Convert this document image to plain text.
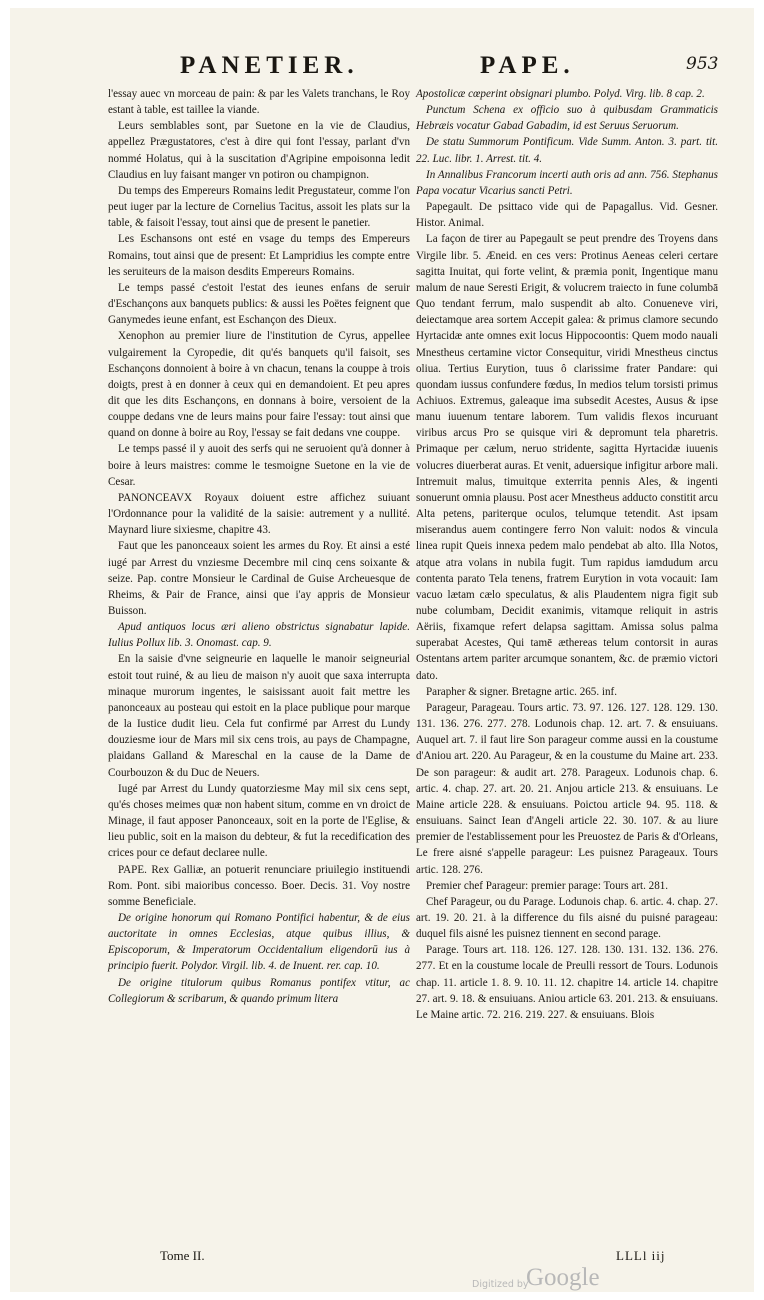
PANETIER.	PAPE.	953

l'essay auec vn morceau de pain: & par les Valets tranchans, le Roy estant à table, est taillee la viande.

Leurs semblables sont, par Suetone en la vie de Claudius, appellez Prægustatores, c'est à dire qui font l'essay, parlant d'vn nommé Holatus, qui à la suscitation d'Agripine empoisonna ledit Claudius en luy faisant manger vn potiron ou champignon.

Du temps des Empereurs Romains ledit Pregustateur, comme l'on peut iuger par la lecture de Cornelius Tacitus, assoit les plats sur la table, & faisoit l'essay, tout ainsi que de present le panetier.

Les Eschansons ont esté en vsage du temps des Empereurs Romains, tout ainsi que de present: Et Lampridius les compte entre les seruiteurs de la maison desdits Empereurs Romains.

Le temps passé c'estoit l'estat des ieunes enfans de seruir d'Eschançons aux banquets publics: & aussi les Poëtes feignent que Ganymedes ieune enfant, est Eschançon des Dieux.

Xenophon au premier liure de l'institution de Cyrus, appellee vulgairement la Cyropedie, dit qu'és banquets qu'il faisoit, ses Eschançons donnoient à boire à vn chacun, tenans la couppe à trois doigts, prest à en donner à ceux qui en demandoient. Et peu apres dit que les dits Eschançons, en donnans à boire, versoient de la couppe dedans vne de leurs mains pour faire l'essay: tout ainsi que quand on donne à boire au Roy, l'essay se fait dedans vne couppe.

Le temps passé il y auoit des serfs qui ne seruoient qu'à donner à boire à leurs maistres: comme le tesmoigne Suetone en la vie de Cesar.

PANONCEAVX Royaux doiuent estre affichez suiuant l'Ordonnance pour la validité de la saisie: autrement y a nullité. Maynard liure sixiesme, chapitre 43.

Faut que les panonceaux soient les armes du Roy. Et ainsi a esté iugé par Arrest du vnziesme Decembre mil cinq cens soixante & seize. Pap. contre Monsieur le Cardinal de Guise Archeuesque de Rheims, & Pair de France, ainsi que i'ay appris de Monsieur Buisson.

Apud antiquos locus æri alieno obstrictus signabatur lapide. Iulius Pollux lib. 3. Onomast. cap. 9.

En la saisie d'vne seigneurie en laquelle le manoir seigneurial estoit tout ruiné, & au lieu de maison n'y auoit que saxa interrupta minaque murorum ingentes, le saisissant auoit fait mettre les panonceaux au posteau qui estoit en la place publique pour marque de la Iustice dudit lieu. Cela fut confirmé par Arrest du Lundy douziesme iour de Mars mil six cens trois, au pays de Champagne, plaidans Galland & Mareschal en la cause de la Dame de Courbouzon & du Duc de Neuers.

Iugé par Arrest du Lundy quatorziesme May mil six cens sept, qu'és choses meimes quæ non habent situm, comme en vn droict de Minage, il faut apposer Panonceaux, soit en la porte de l'Eglise, & lieu public, soit en la maison du debteur, & fut la recedification des crices pour ce defaut declaree nulle.

PAPE. Rex Galliæ, an potuerit renunciare priuilegio instituendi Rom. Pont. sibi maioribus concesso. Boer. Decis. 31. Voy nostre somme Beneficiale.

De origine honorum qui Romano Pontifici habentur, & de eius auctoritate in omnes Ecclesias, atque quibus illius, & Episcoporum, & Imperatorum Occidentalium eligendorū ius à principio fuerit. Polydor. Virgil. lib. 4. de Inuent. rer. cap. 10.

De origine titulorum quibus Romanus pontifex vtitur, ac Collegiorum & scribarum, & quando primum litera

Apostolicæ cœperint obsignari plumbo. Polyd. Virg. lib. 8 cap. 2.

Punctum Schena ex officio suo à quibusdam Grammaticis Hebræis vocatur Gabad Gabadim, id est Seruus Seruorum.

De statu Summorum Pontificum. Vide Summ. Anton. 3. part. tit. 22. Luc. libr. 1. Arrest. tit. 4.

In Annalibus Francorum incerti auth oris ad ann. 756. Stephanus Papa vocatur Vicarius sancti Petri.

Papegault. De psittaco vide qui de Papagallus. Vid. Gesner. Histor. Animal.

La façon de tirer au Papegault se peut prendre des Troyens dans Virgile libr. 5. Æneid. en ces vers: Protinus Aeneas celeri certare sagitta Inuitat, qui forte velint, & præmia ponit, Ingentique manu malum de naue Seresti Erigit, & volucrem traiecto in fune columbā Quo tendant ferrum, malo suspendit ab alto. Conueneve viri, deiectamque area sortem Accepit galea: & primus clamore secundo Hyrtacidæ ante omnes exit locus Hippocoontis: Quem modo nauali Mnestheus certamine victor Consequitur, viridi Mnestheus cinctus oliua. Tertius Eurytion, tuus ô clarissime frater Pandare: qui quondam iussus confundere fœdus, In medios telum torsisti primus Achiuos. Extremus, galeaque ima subsedit Acestes, Ausus & ipse manu iuuenum tentare laborem. Tum validis flexos incuruant viribus arcus Pro se quisque viri & depromunt tela pharetris. Primaque per cælum, neruo stridente, sagitta Hyrtacidæ iuuenis volucres diuerberat auras. Et venit, aduersique infigitur arbore mali. Intremuit malus, timuitque exterrita pennis Ales, & ingenti sonuerunt omnia plausu. Post acer Mnestheus adducto constitit arcu Alta petens, pariterque oculos, telumque tetendit. Ast ipsam miserandus auem contingere ferro Non valuit: nodos & vincula linea rupit Queis innexa pedem malo pendebat ab alto. Illa Notos, atque atra volans in nubila fugit. Tum rapidus iamdudum arcu contenta parato Tela tenens, fratrem Eurytion in vota vocauit: Iam vacuo lætam cælo speculatus, & alis Plaudentem nigra figit sub nube columbam, Decidit exanimis, vitamque reliquit in astris Aëriis, fixamque refert delapsa sagittam. Amissa solus palma superabat Acestes, Qui tamē æthereas telum contorsit in auras Ostentans artem pariter arcumque sonantem, &c. de præmio victori dato.

Parapher & signer. Bretagne artic. 265. inf.

Parageur, Parageau. Tours artic. 73. 97. 126. 127. 128. 129. 130. 131. 136. 276. 277. 278. Lodunois chap. 12. art. 7. & ensuiuans. Auquel art. 7. il faut lire Son parageur comme aussi en la coustume d'Aniou art. 220. Au Parageur, & en la coustume du Maine art. 233. De son parageur: & audit art. 278. Parageux. Lodunois chap. 6. artic. 4. chap. 27. art. 20. 21. Anjou article 213. & ensuiuans. Le Maine article 228. & ensuiuans. Poictou article 94. 95. 118. & ensuiuans. Sainct Iean d'Angeli article 22. 30. 107. & au liure premier de l'establissement pour les Preuostez de Paris & d'Orleans, Le frere aisné s'appelle parageur: Les puisnez Parageaux. Tours artic. 128. 276.

Premier chef Parageur: premier parage: Tours art. 281.

Chef Parageur, ou du Parage. Lodunois chap. 6. artic. 4. chap. 27. art. 19. 20. 21. à la difference du fils aisné du puisné parageau: duquel fils aisné les puisnez tiennent en second parage.

Parage. Tours art. 118. 126. 127. 128. 130. 131. 132. 136. 276. 277. Et en la coustume locale de Preulli ressort de Tours. Lodunois chap. 11. article 1. 8. 9. 10. 11. 12. chapitre 14. article 14. chapitre 27. art. 9. 18. & ensuiuans. Aniou article 63. 201. 213. & ensuiuans. Le Maine artic. 72. 216. 219. 227. & ensuiuans. Blois

Tome II.	LLLl iij
Digitized by
Google
